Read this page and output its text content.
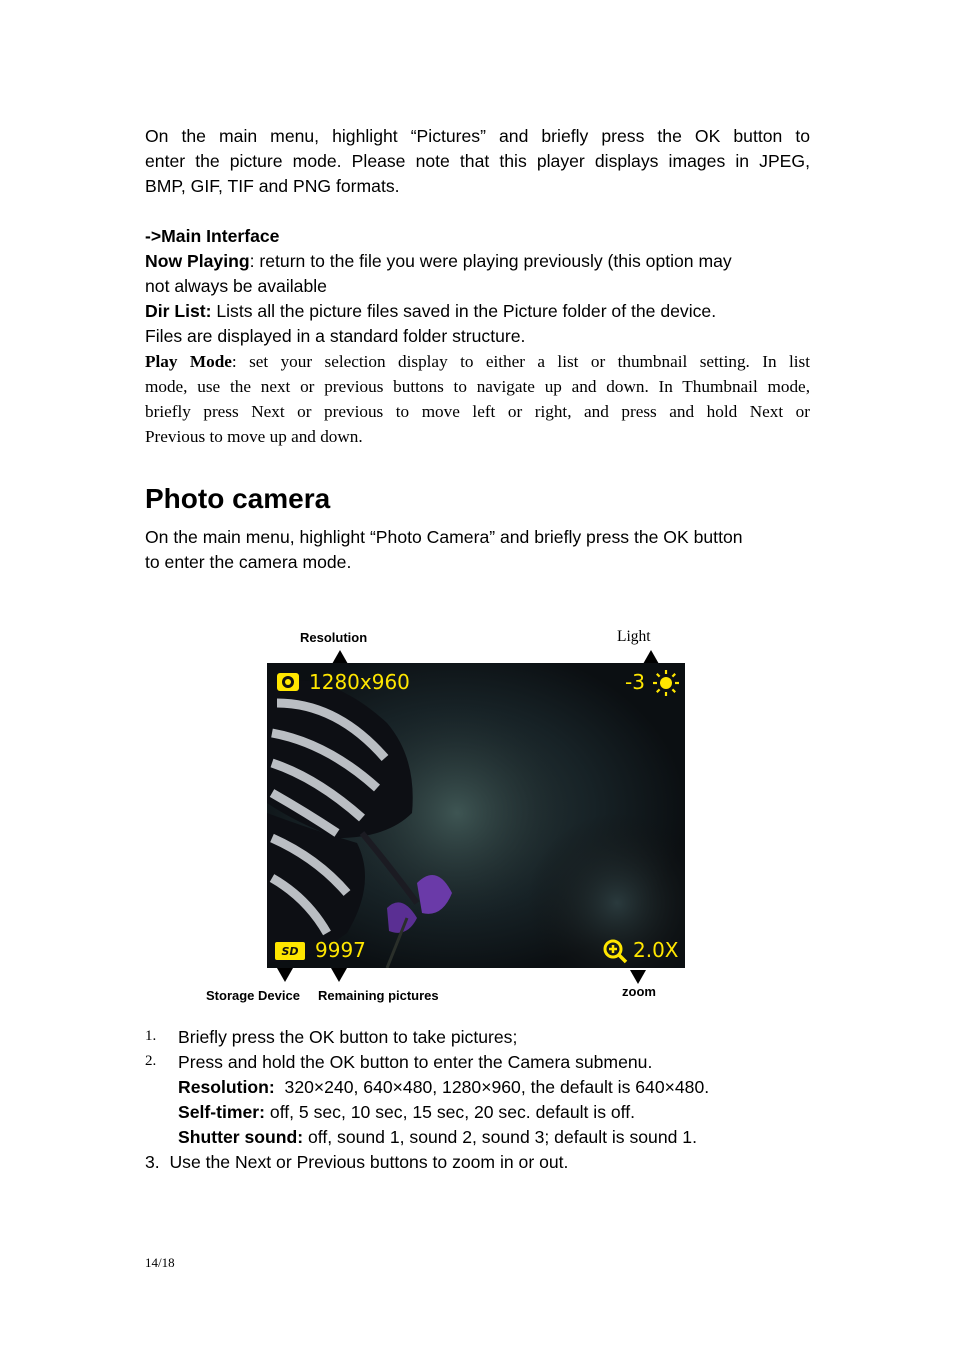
On the main menu, highlight “Pictures” and briefly press the OK button to
enter the picture mode. Please note that this player displays images in JPEG,
BMP, GIF, TIF and PNG formats.
->Main Interface
Now Playing: return to the file you were playing previously (this option may
not always be available
Dir List: Lists all the picture files saved in the Picture folder of the device.
Files are displayed in a standard folder structure.
Play Mode: set your selection display to either a list or thumbnail setting. In list
mode, use the next or previous buttons to navigate up and down. In Thumbnail mode,
briefly press Next or previous to move left or right, and press and hold Next or
Previous to move up and down.
Photo camera
On the main menu, highlight “Photo Camera” and briefly press the OK button
to enter the camera mode.
Resolution	Light
1280x960	-3
SD 9997	2.0X
Storage Device Remaining pictures	zoom
1. Briefly press the OK button to take pictures;
2. Press and hold the OK button to enter the Camera submenu.
Resolution:  320×240, 640×480, 1280×960, the default is 640×480.
Self-timer: off, 5 sec, 10 sec, 15 sec, 20 sec. default is off.
Shutter sound: off, sound 1, sound 2, sound 3; default is sound 1.
3.  Use the Next or Previous buttons to zoom in or out.
14/18
